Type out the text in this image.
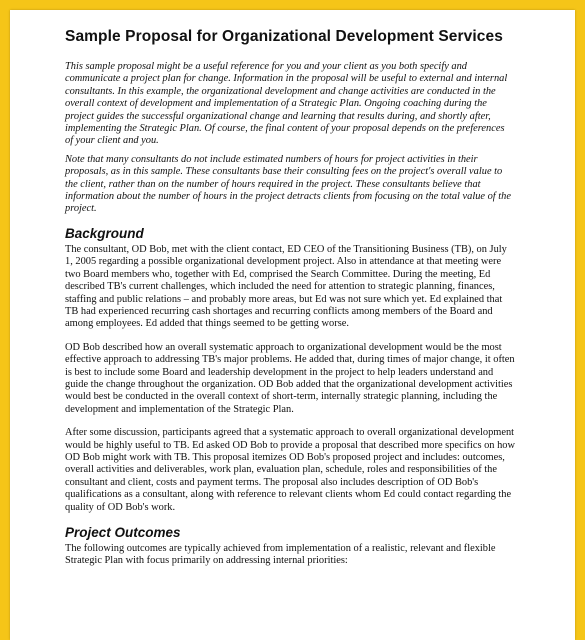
Sample Proposal for Organizational Development Services

This sample proposal might be a useful reference for you and your client as you both specify and communicate a project plan for change. Information in the proposal will be useful to external and internal consultants. In this example, the organizational development and change activities are conducted in the overall context of development and implementation of a Strategic Plan. Ongoing coaching during the project guides the successful organizational change and learning that results during, and shortly after, implementing the Strategic Plan. Of course, the final content of your proposal depends on the preferences of your client and you.

Note that many consultants do not include estimated numbers of hours for project activities in their proposals, as in this sample. These consultants base their consulting fees on the project's overall value to the client, rather than on the number of hours required in the project. These consultants believe that information about the number of hours in the project detracts clients from focusing on the total value of the project.

Background

The consultant, OD Bob, met with the client contact, ED CEO of the Transitioning Business (TB), on July 1, 2005 regarding a possible organizational development project. Also in attendance at that meeting were two Board members who, together with Ed, comprised the Search Committee. During the meeting, Ed described TB's current challenges, which included the need for attention to strategic planning, finances, staffing and public relations – and probably more areas, but Ed was not sure which yet. Ed explained that TB had experienced recurring cash shortages and recurring conflicts among members of the Board and among employees. Ed added that things seemed to be getting worse.

OD Bob described how an overall systematic approach to organizational development would be the most effective approach to addressing TB's major problems. He added that, during times of major change, it often is best to include some Board and leadership development in the project to help leaders understand and guide the change throughout the organization. OD Bob added that the organizational development activities would best be conducted in the overall context of short-term, internally strategic planning, including the development and implementation of the Strategic Plan.

After some discussion, participants agreed that a systematic approach to overall organizational development would be highly useful to TB. Ed asked OD Bob to provide a proposal that described more specifics on how OD Bob might work with TB. This proposal itemizes OD Bob's proposed project and includes: outcomes, overall activities and deliverables, work plan, evaluation plan, schedule, roles and responsibilities of the consultant and client, costs and payment terms. The proposal also includes description of OD Bob's qualifications as a consultant, along with reference to relevant clients whom Ed could contact regarding the quality of OD Bob's work.

Project Outcomes

The following outcomes are typically achieved from implementation of a realistic, relevant and flexible Strategic Plan with focus primarily on addressing internal priorities:
